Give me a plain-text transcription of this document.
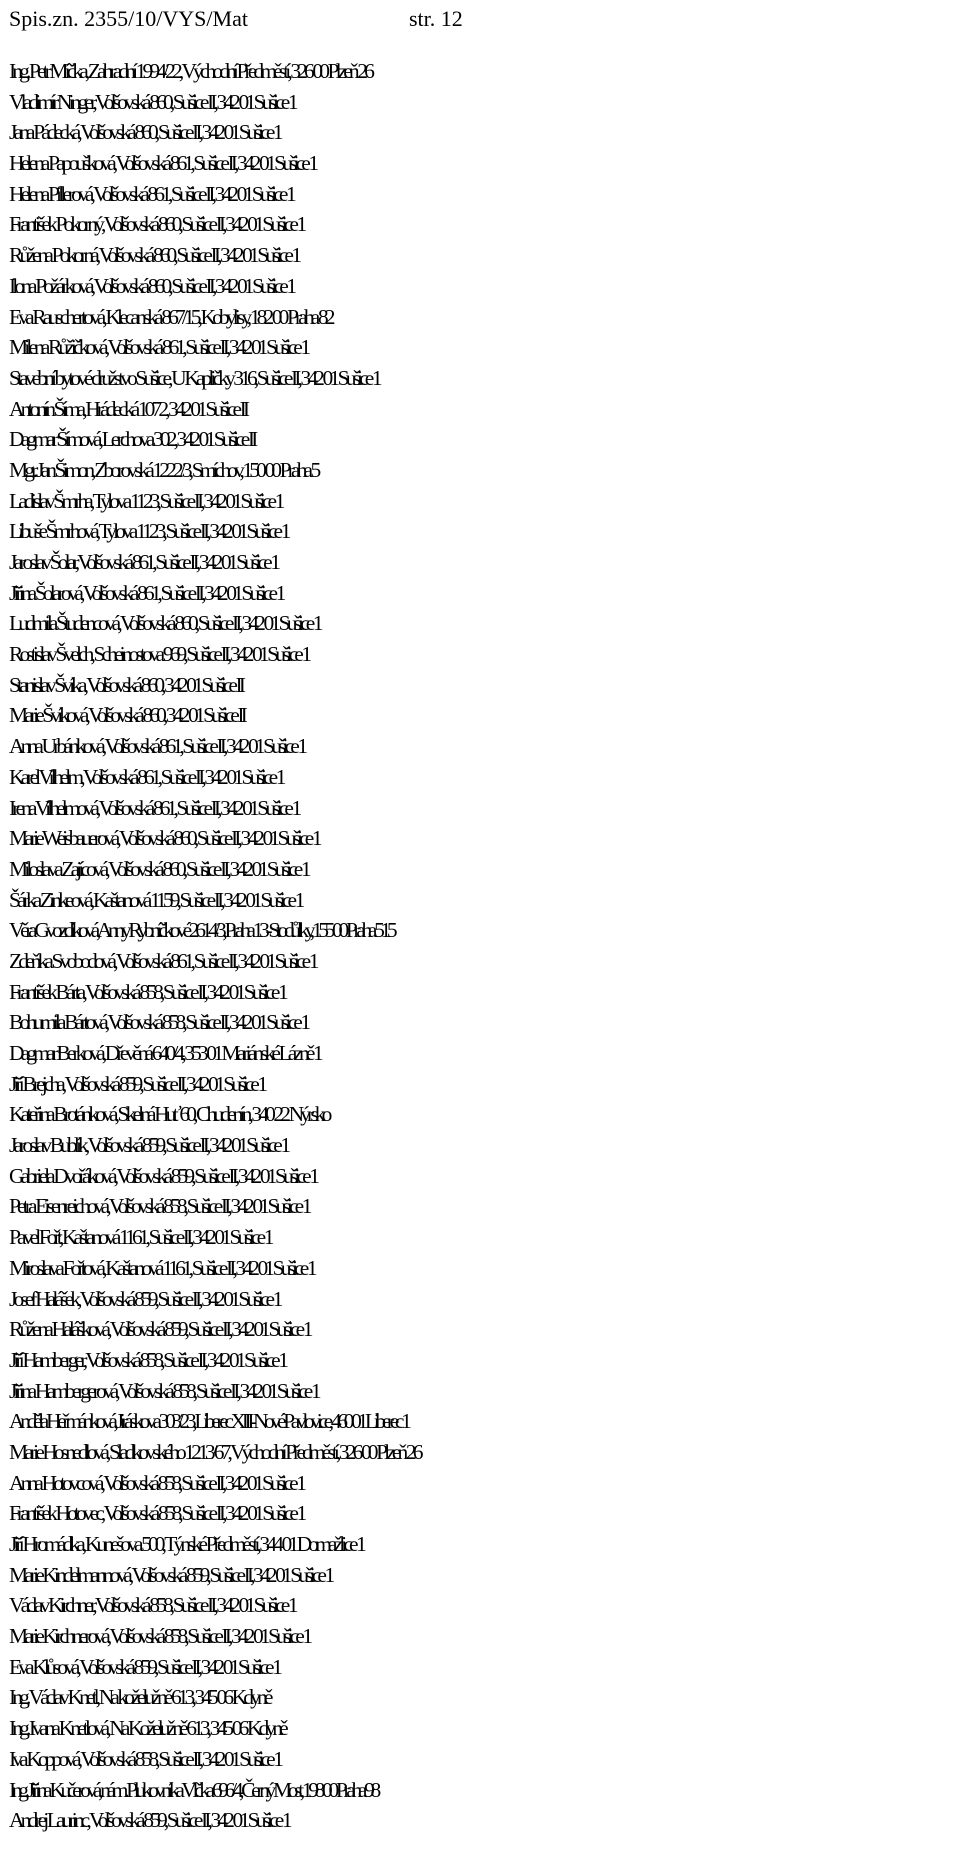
Spis.zn. 2355/10/VYS/Mat	str. 12
Ing. Petr Míčka, Zahradní 1994/22, Východní Předměstí, 326 00 Plzeň 26
Vladimír Ninger, Volšovská 860, Sušice II, 342 01 Sušice 1
Jana Pádecká, Volšovská 860, Sušice II, 342 01 Sušice 1
Helena Papoušková, Volšovská 861, Sušice II, 342 01 Sušice 1
Helena Pillerová, Volšovská 861, Sušice II, 342 01 Sušice 1
František Pokorný, Volšovská 860, Sušice II, 342 01 Sušice 1
Růžena Pokorná, Volšovská 860, Sušice II, 342 01 Sušice 1
Ilona Požárková, Volšovská 860, Sušice II, 342 01 Sušice 1
Eva Rauschertová, Klecanská 867/15, Kobylisy, 182 00 Praha 82
Milena Růžičková, Volšovská 861, Sušice II, 342 01 Sušice 1
Stavební bytové družstvo Sušice, U Kapličky 316, Sušice II, 342 01 Sušice 1
Antonín Šíma, Hrádecká 1072, 342 01 Sušice II
Dagmar Šímová, Lerchova 302, 342 01 Sušice II
Mgr. Jan Šimon, Zborovská 1222/3, Smíchov, 150 00 Praha 5
Ladislav Šmrha, Tylova 1123, Sušice II, 342 01 Sušice 1
Libuše Šmrhová, Tylova 1123, Sušice II, 342 01 Sušice 1
Jaroslav Šolar, Volšovská 861, Sušice II, 342 01 Sušice 1
Jiřina Šolarová, Volšovská 861, Sušice II, 342 01 Sušice 1
Ludmila Študencová, Volšovská 860, Sušice II, 342 01 Sušice 1
Rostislav Švelch, Scheinostova 969, Sušice II, 342 01 Sušice 1
Stanislav Švíka, Volšovská 860, 342 01 Sušice II
Marie Švíková, Volšovská 860, 342 01 Sušice II
Anna Urbánková, Volšovská 861, Sušice II, 342 01 Sušice 1
Karel Vilhelm, Volšovská 861, Sušice II, 342 01 Sušice 1
Irena Vilhelmová, Volšovská 861, Sušice II, 342 01 Sušice 1
Marie Weisbauerová, Volšovská 860, Sušice II, 342 01 Sušice 1
Miloslava Zajícová, Volšovská 860, Sušice II, 342 01 Sušice 1
Šárka Zinkeová, Kaštanová 1159, Sušice II, 342 01 Sušice 1
Věra Gvozdíková, Anny Rybníčkové 2614/3, Praha 13-Stodůlky, 155 00 Praha 515
Zdeňka Svobodová, Volšovská 861, Sušice II, 342 01 Sušice 1
František Bárta, Volšovská 858, Sušice II, 342 01 Sušice 1
Bohumila Bártová, Volšovská 858, Sušice II, 342 01 Sušice 1
Dagmar Berková, Dřevěná 640/4, 353 01 Mariánské Lázně 1
Jiří Brejcha, Volšovská 859, Sušice II, 342 01 Sušice 1
Kateřina Brotánková, Skelná Huť 60, Chudenín, 340 22 Nýrsko
Jaroslav Bublík, Volšovská 859, Sušice II, 342 01 Sušice 1
Gabriela Dvořáková, Volšovská 859, Sušice II, 342 01 Sušice 1
Petra Eisenreichová, Volšovská 858, Sušice II, 342 01 Sušice 1
Pavel Fořt, Kaštanová 1161, Sušice II, 342 01 Sušice 1
Miroslava Fořtová, Kaštanová 1161, Sušice II, 342 01 Sušice 1
Josef Halášek, Volšovská 859, Sušice II, 342 01 Sušice 1
Růžena Halášková, Volšovská 859, Sušice II, 342 01 Sušice 1
Jiří Hamberger, Volšovská 858, Sušice II, 342 01 Sušice 1
Jiřina Hambergerová, Volšovská 858, Sušice II, 342 01 Sušice 1
Anděla Heřmánková, Jiráskova 303/23, Liberec XIII-Nové Pavlovice, 460 01 Liberec 1
Marie Hosnedlová, Sladkovského 1213/67, Východní Předměstí, 326 00 Plzeň 26
Anna Hotovcová, Volšovská 858, Sušice II, 342 01 Sušice 1
František Hotovec, Volšovská 858, Sušice II, 342 01 Sušice 1
Jiří Hromádka, Kunešova 500, Týnské Předměstí, 344 01 Domažlice 1
Marie Kindelmannová, Volšovská 859, Sušice II, 342 01 Sušice 1
Václav Kirchner, Volšovská 858, Sušice II, 342 01 Sušice 1
Marie Kirchnerová, Volšovská 858, Sušice II, 342 01 Sušice 1
Eva Klůsová, Volšovská 859, Sušice II, 342 01 Sušice 1
Ing. Václav Knetl, Na koželužně 613, 345 06 Kdyně
Ing. Ivana Knetlová, Na Koželužně 613, 345 06 Kdyně
Iva Koppová, Volšovská 858, Sušice II, 342 01 Sušice 1
Ing. Jiřina Kučerová, nám. Plukovníka Vlčka 696/4, Černý Most, 198 00 Praha 98
Andrej Laurinc, Volšovská 859, Sušice II, 342 01 Sušice 1
